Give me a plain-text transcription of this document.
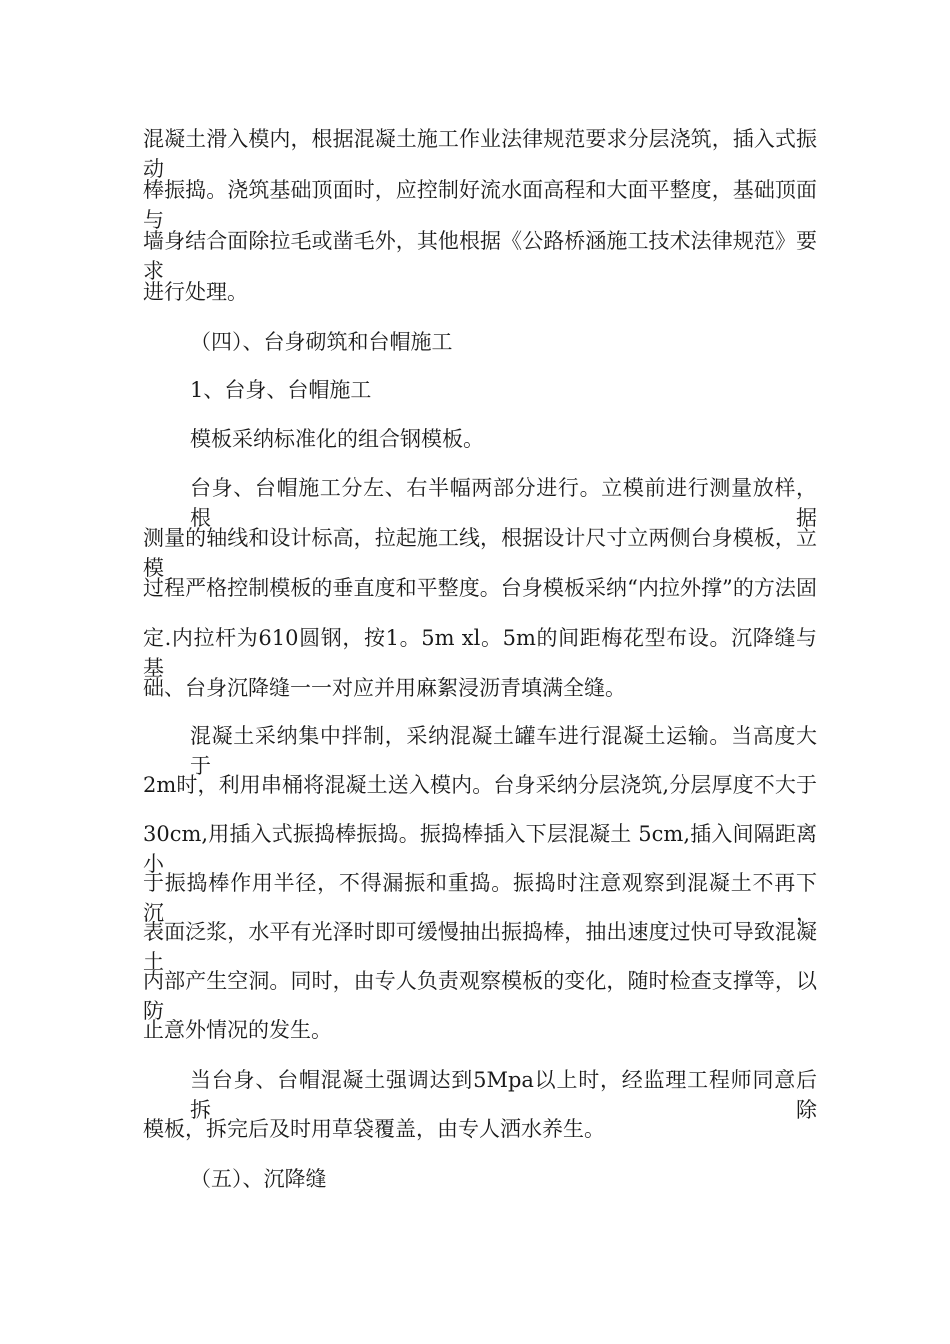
混凝土滑入模内，根据混凝土施工作业法律规范要求分层浇筑，插入式振动
棒振捣。浇筑基础顶面时，应控制好流水面高程和大面平整度，基础顶面与
墙身结合面除拉毛或凿毛外，其他根据《公路桥涵施工技术法律规范》要求
进行处理。
（四）、台身砌筑和台帽施工
1、台身、台帽施工
模板采纳标准化的组合钢模板。
台身、台帽施工分左、右半幅两部分进行。立模前进行测量放样，根据
测量的轴线和设计标高，拉起施工线，根据设计尺寸立两侧台身模板，立模
过程严格控制模板的垂直度和平整度。台身模板采纳“内拉外撑”的方法固
定.内拉杆为610圆钢，按1。5m xl。5m的间距梅花型布设。沉降缝与基
础、台身沉降缝一一对应并用麻絮浸沥青填满全缝。
混凝土采纳集中拌制，采纳混凝土罐车进行混凝土运输。当高度大于
2m时，利用串桶将混凝土送入模内。台身采纳分层浇筑,分层厚度不大于
30cm,用插入式振捣棒振捣。振捣棒插入下层混凝土 5cm,插入间隔距离小
于振捣棒作用半径，不得漏振和重捣。振捣时注意观察到混凝土不再下沉，
表面泛浆，水平有光泽时即可缓慢抽出振捣棒，抽出速度过快可导致混凝土
内部产生空洞。同时，由专人负责观察模板的变化，随时检查支撑等，以防
止意外情况的发生。
当台身、台帽混凝土强调达到5Mpa以上时，经监理工程师同意后拆除
模板，拆完后及时用草袋覆盖，由专人洒水养生。
（五）、沉降缝
